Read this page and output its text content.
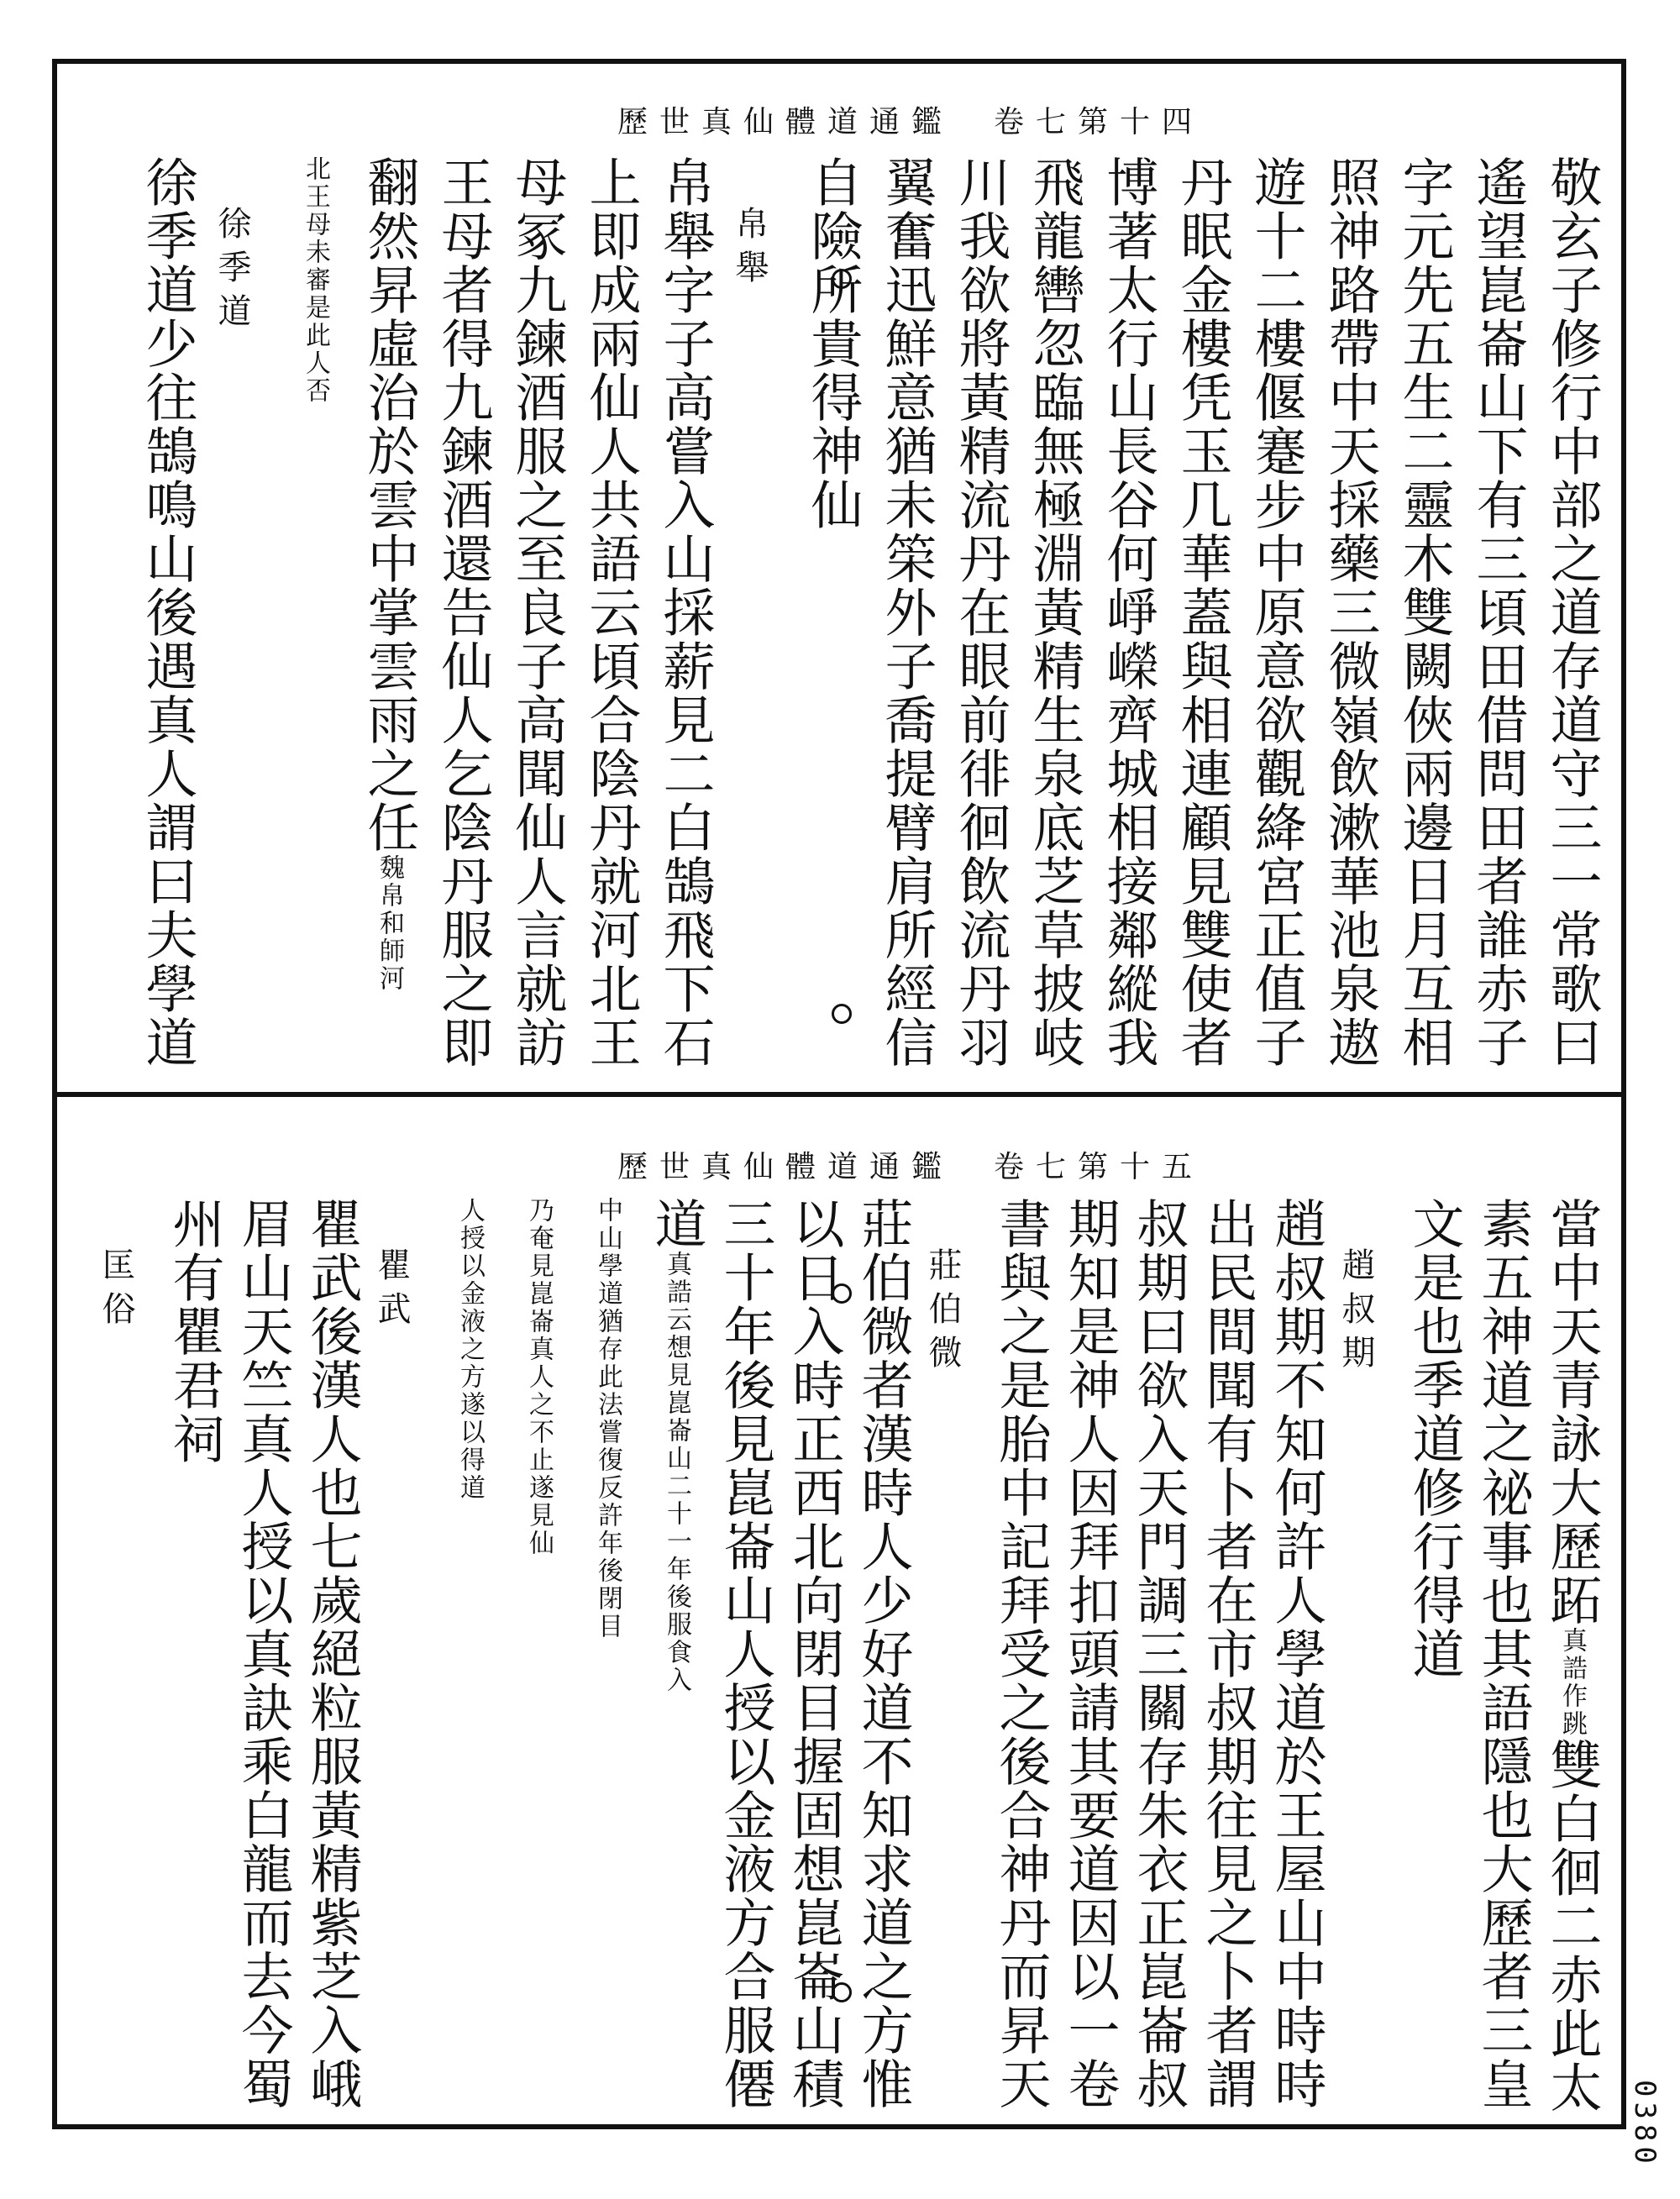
歷世真仙體道通鑑 卷七第十四
敬玄子修行中部之道存道守三一常歌曰
遙望崑崙山下有三頃田借問田者誰赤子
字元先五生二靈木雙闕俠兩邊日月互相
照神路帶中天採藥三微嶺飲漱華池泉遨
遊十二樓偃蹇步中原意欲觀絳宮正值子
丹眠金樓凭玉几華蓋與相連顧見雙使者
博著太行山長谷何崢嶸齊城相接鄰縱我
飛龍轡忽臨無極淵黃精生泉底芝草披岐
川我欲將黃精流丹在眼前徘徊飲流丹羽
翼奮迅鮮意猶未筞外子喬提臂肩所經信
自險所貴得神仙
帛舉
帛舉字子高嘗入山採薪見二白鵠飛下石
上即成兩仙人共語云頃合陰丹就河北王
母冢九鍊酒服之至良子高聞仙人言就訪
王母者得九鍊酒還告仙人乞陰丹服之即
翻然昇虛治於雲中掌雲雨之任魏帛和師河
北王母未審是此人否
徐季道
徐季道少往鵠鳴山後遇真人謂曰夫學道
歷世真仙體道通鑑 卷七第十五
當中天青詠大歷跖真誥作跳雙白徊二赤此太
素五神道之祕事也其語隱也大歷者三皇
文是也季道修行得道
趙叔期
趙叔期不知何許人學道於王屋山中時時
出民間聞有卜者在市叔期往見之卜者謂
叔期曰欲入天門調三關存朱衣正崑崙叔
期知是神人因拜扣頭請其要道因以一卷
書與之是胎中記拜受之後合神丹而昇天
莊伯微
莊伯微者漢時人少好道不知求道之方惟
以日入時正西北向閉目握固想崑崙山積
三十年後見崑崙山人授以金液方合服僊
道真誥云想見崑崙山二十一年後服食入
中山學道猶存此法嘗復反許年後閉目
乃奄見崑崙真人之不止遂見仙
人授以金液之方遂以得道
瞿武
瞿武後漢人也七歲絕粒服黃精紫芝入峨
眉山天竺真人授以真訣乘白龍而去今蜀
州有瞿君祠
匡俗
0380
